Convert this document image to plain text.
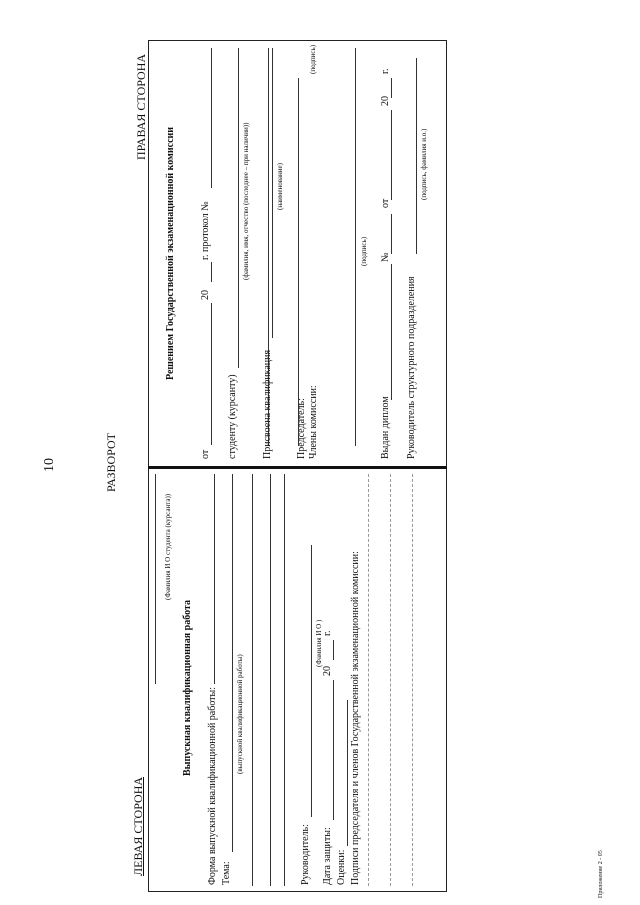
10	РАЗВОРОТ
Приложение 2 - 05
ЛЕВАЯ СТОРОНА
ПРАВАЯ СТОРОНА
(Фамилия И О студента (курсанта))
Выпускная квалификационная работа Форма выпускной квалификационной работы: Тема:
(выпускной квалификационной работы)
Руководитель:
(Фамилия И О )
Дата защиты:
20
г.
Оценки: Подписи председателя и членов Государственной экзаменационной комиссии:
Решением Государственной экзаменационной комиссии
от
20
г. протокол №
студенту (курсанту)
(фамилия, имя, отчество (последнее – при наличии))
Присвоена квалификация
(наименование)
(подпись)
Председатель: Члены комиссии:
(подпись)
Выдан диплом
№
от
20
г.
Руководитель структурного подразделения
(подпись, фамилия и.о.)
